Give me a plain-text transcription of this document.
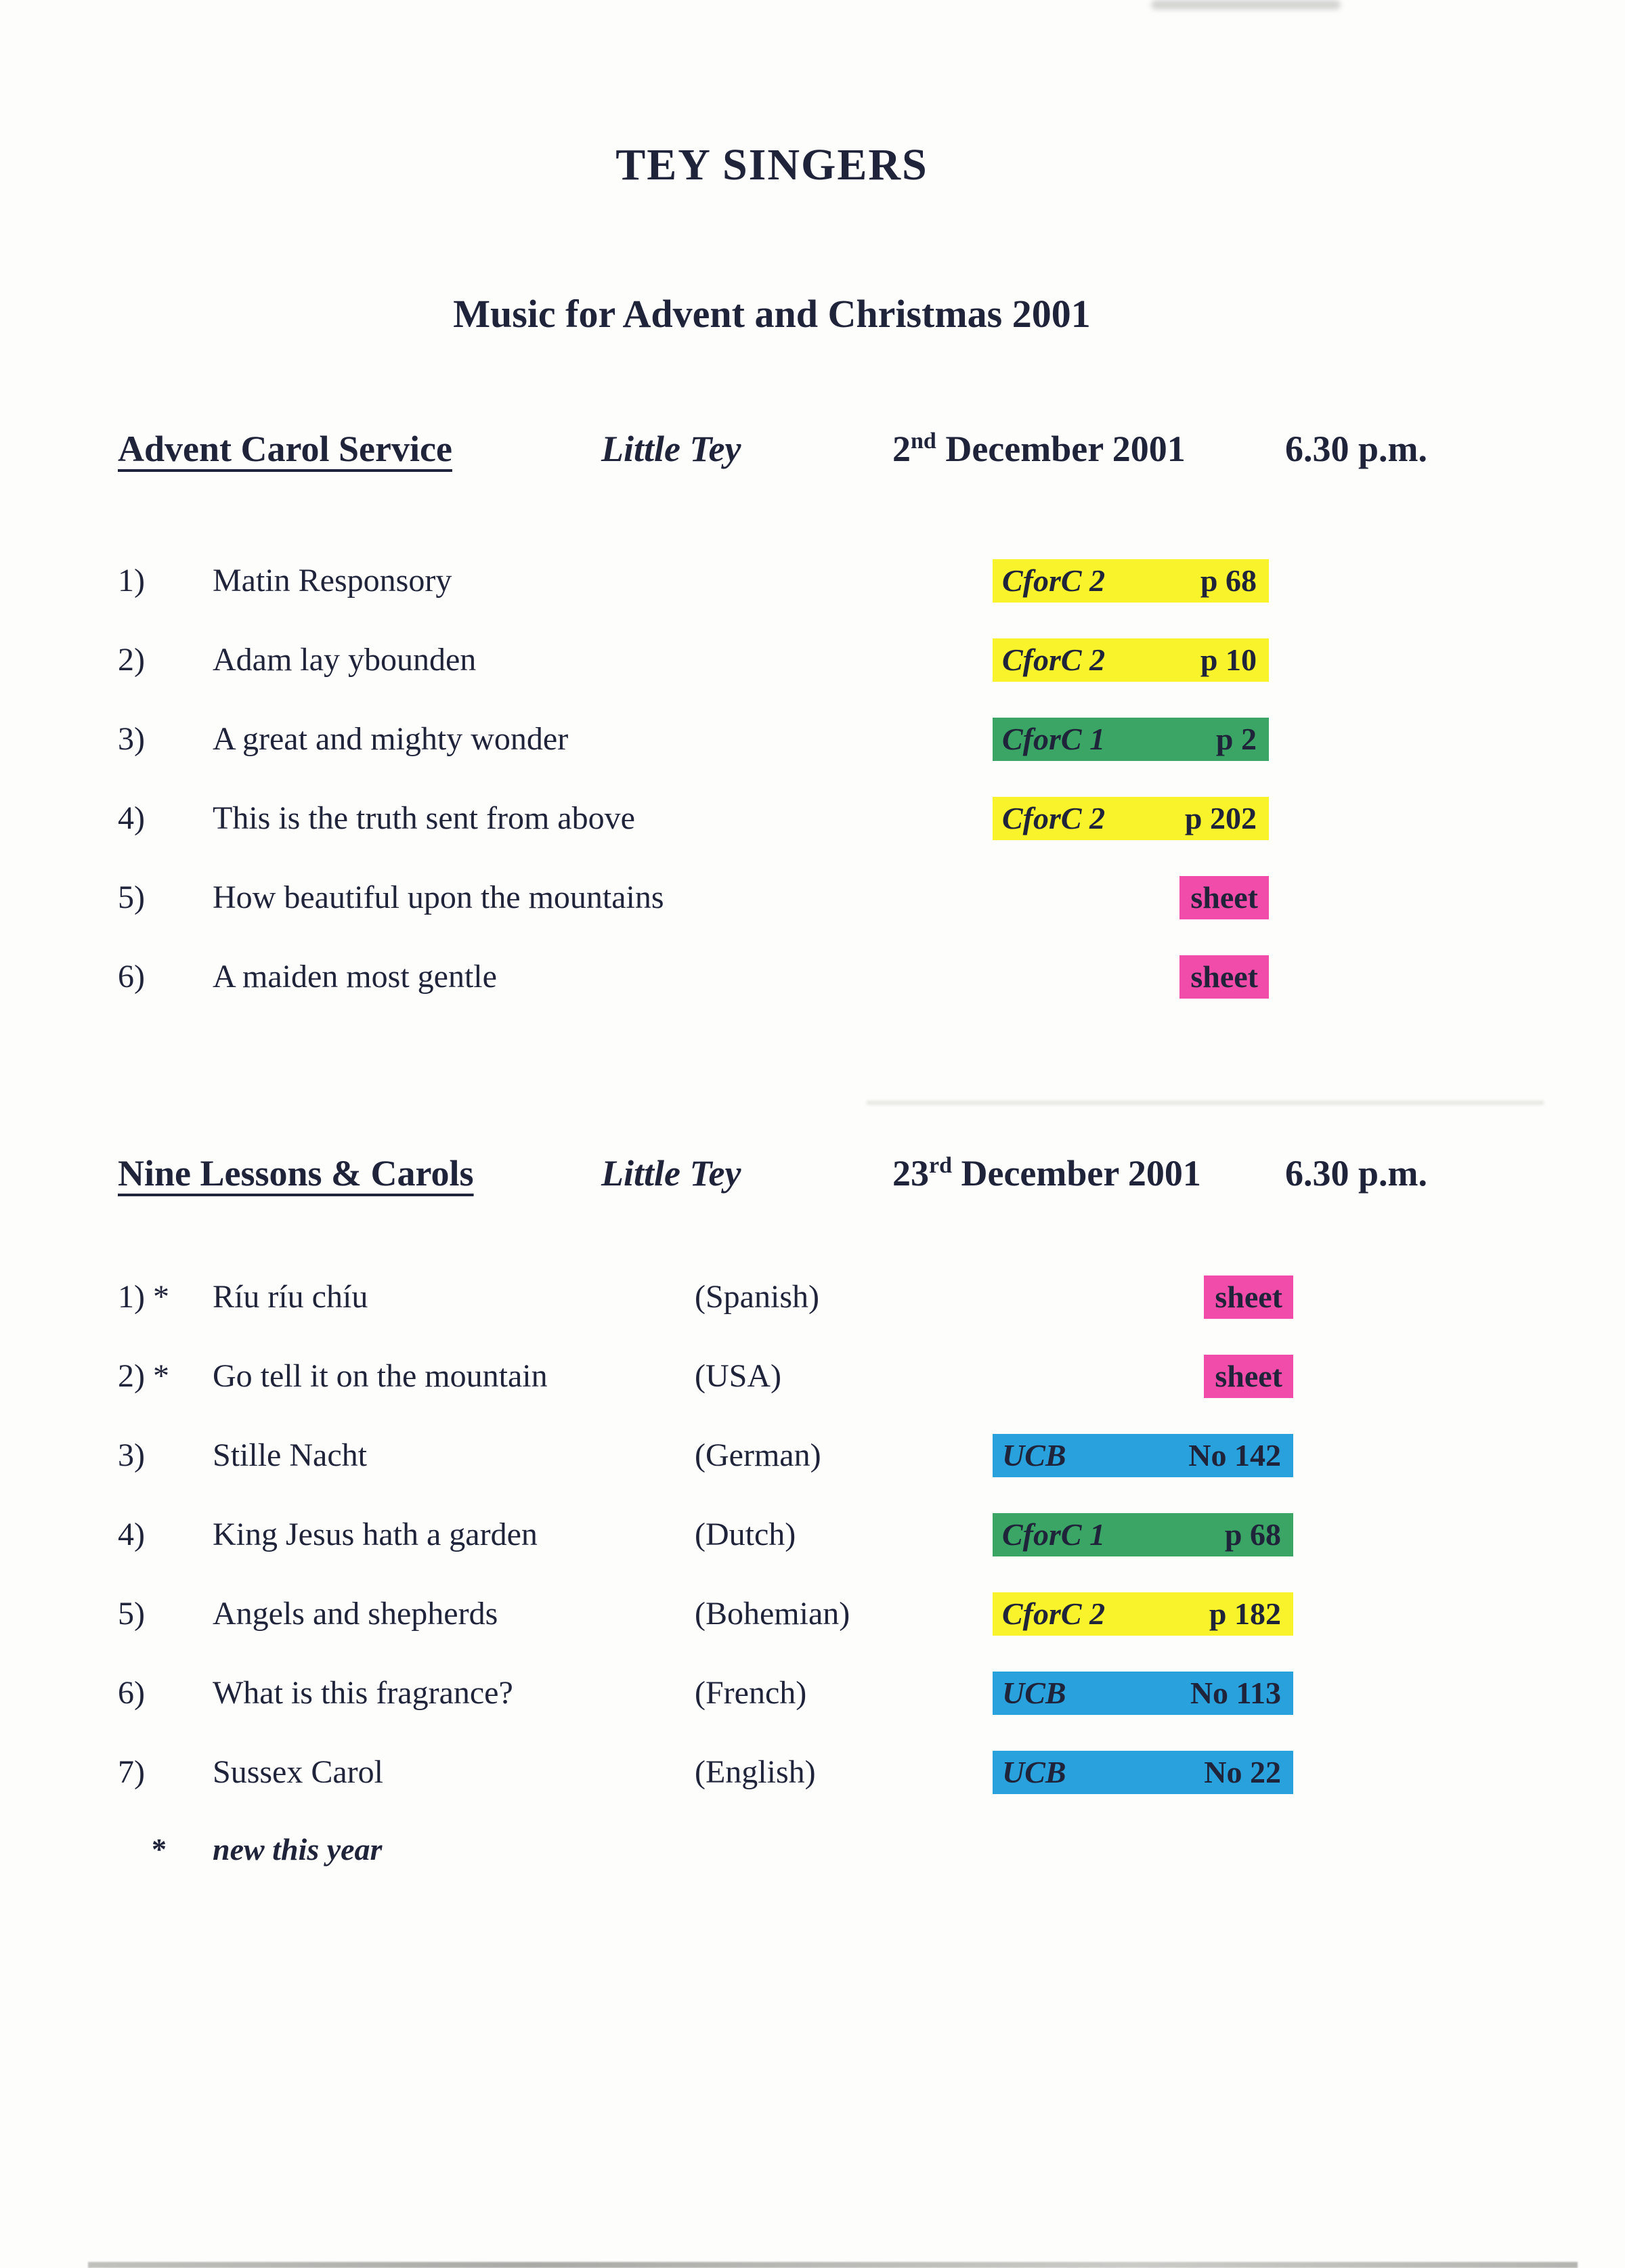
TEY SINGERS
Music for Advent and Christmas 2001
Advent Carol Service	Little Tey	2nd December 2001	6.30 p.m.
1) Matin Responsory	CforC 2	p 68
2) Adam lay ybounden	CforC 2	p 10
3) A great and mighty wonder	CforC 1	p 2
4) This is the truth sent from above	CforC 2	p 202
5) How beautiful upon the mountains	sheet
6) A maiden most gentle	sheet
Nine Lessons & Carols	Little Tey	23rd December 2001 6.30 p.m.
1) * Ríu ríu chíu	(Spanish)	sheet
2) * Go tell it on the mountain	(USA)	sheet
3) Stille Nacht	(German)	UCB	No 142
4) King Jesus hath a garden	(Dutch)	CforC 1	p 68
5) Angels and shepherds	(Bohemian)	CforC 2	p 182
6) What is this fragrance?	(French)	UCB	No 113
7) Sussex Carol	(English)	UCB	No 22
* new this year
